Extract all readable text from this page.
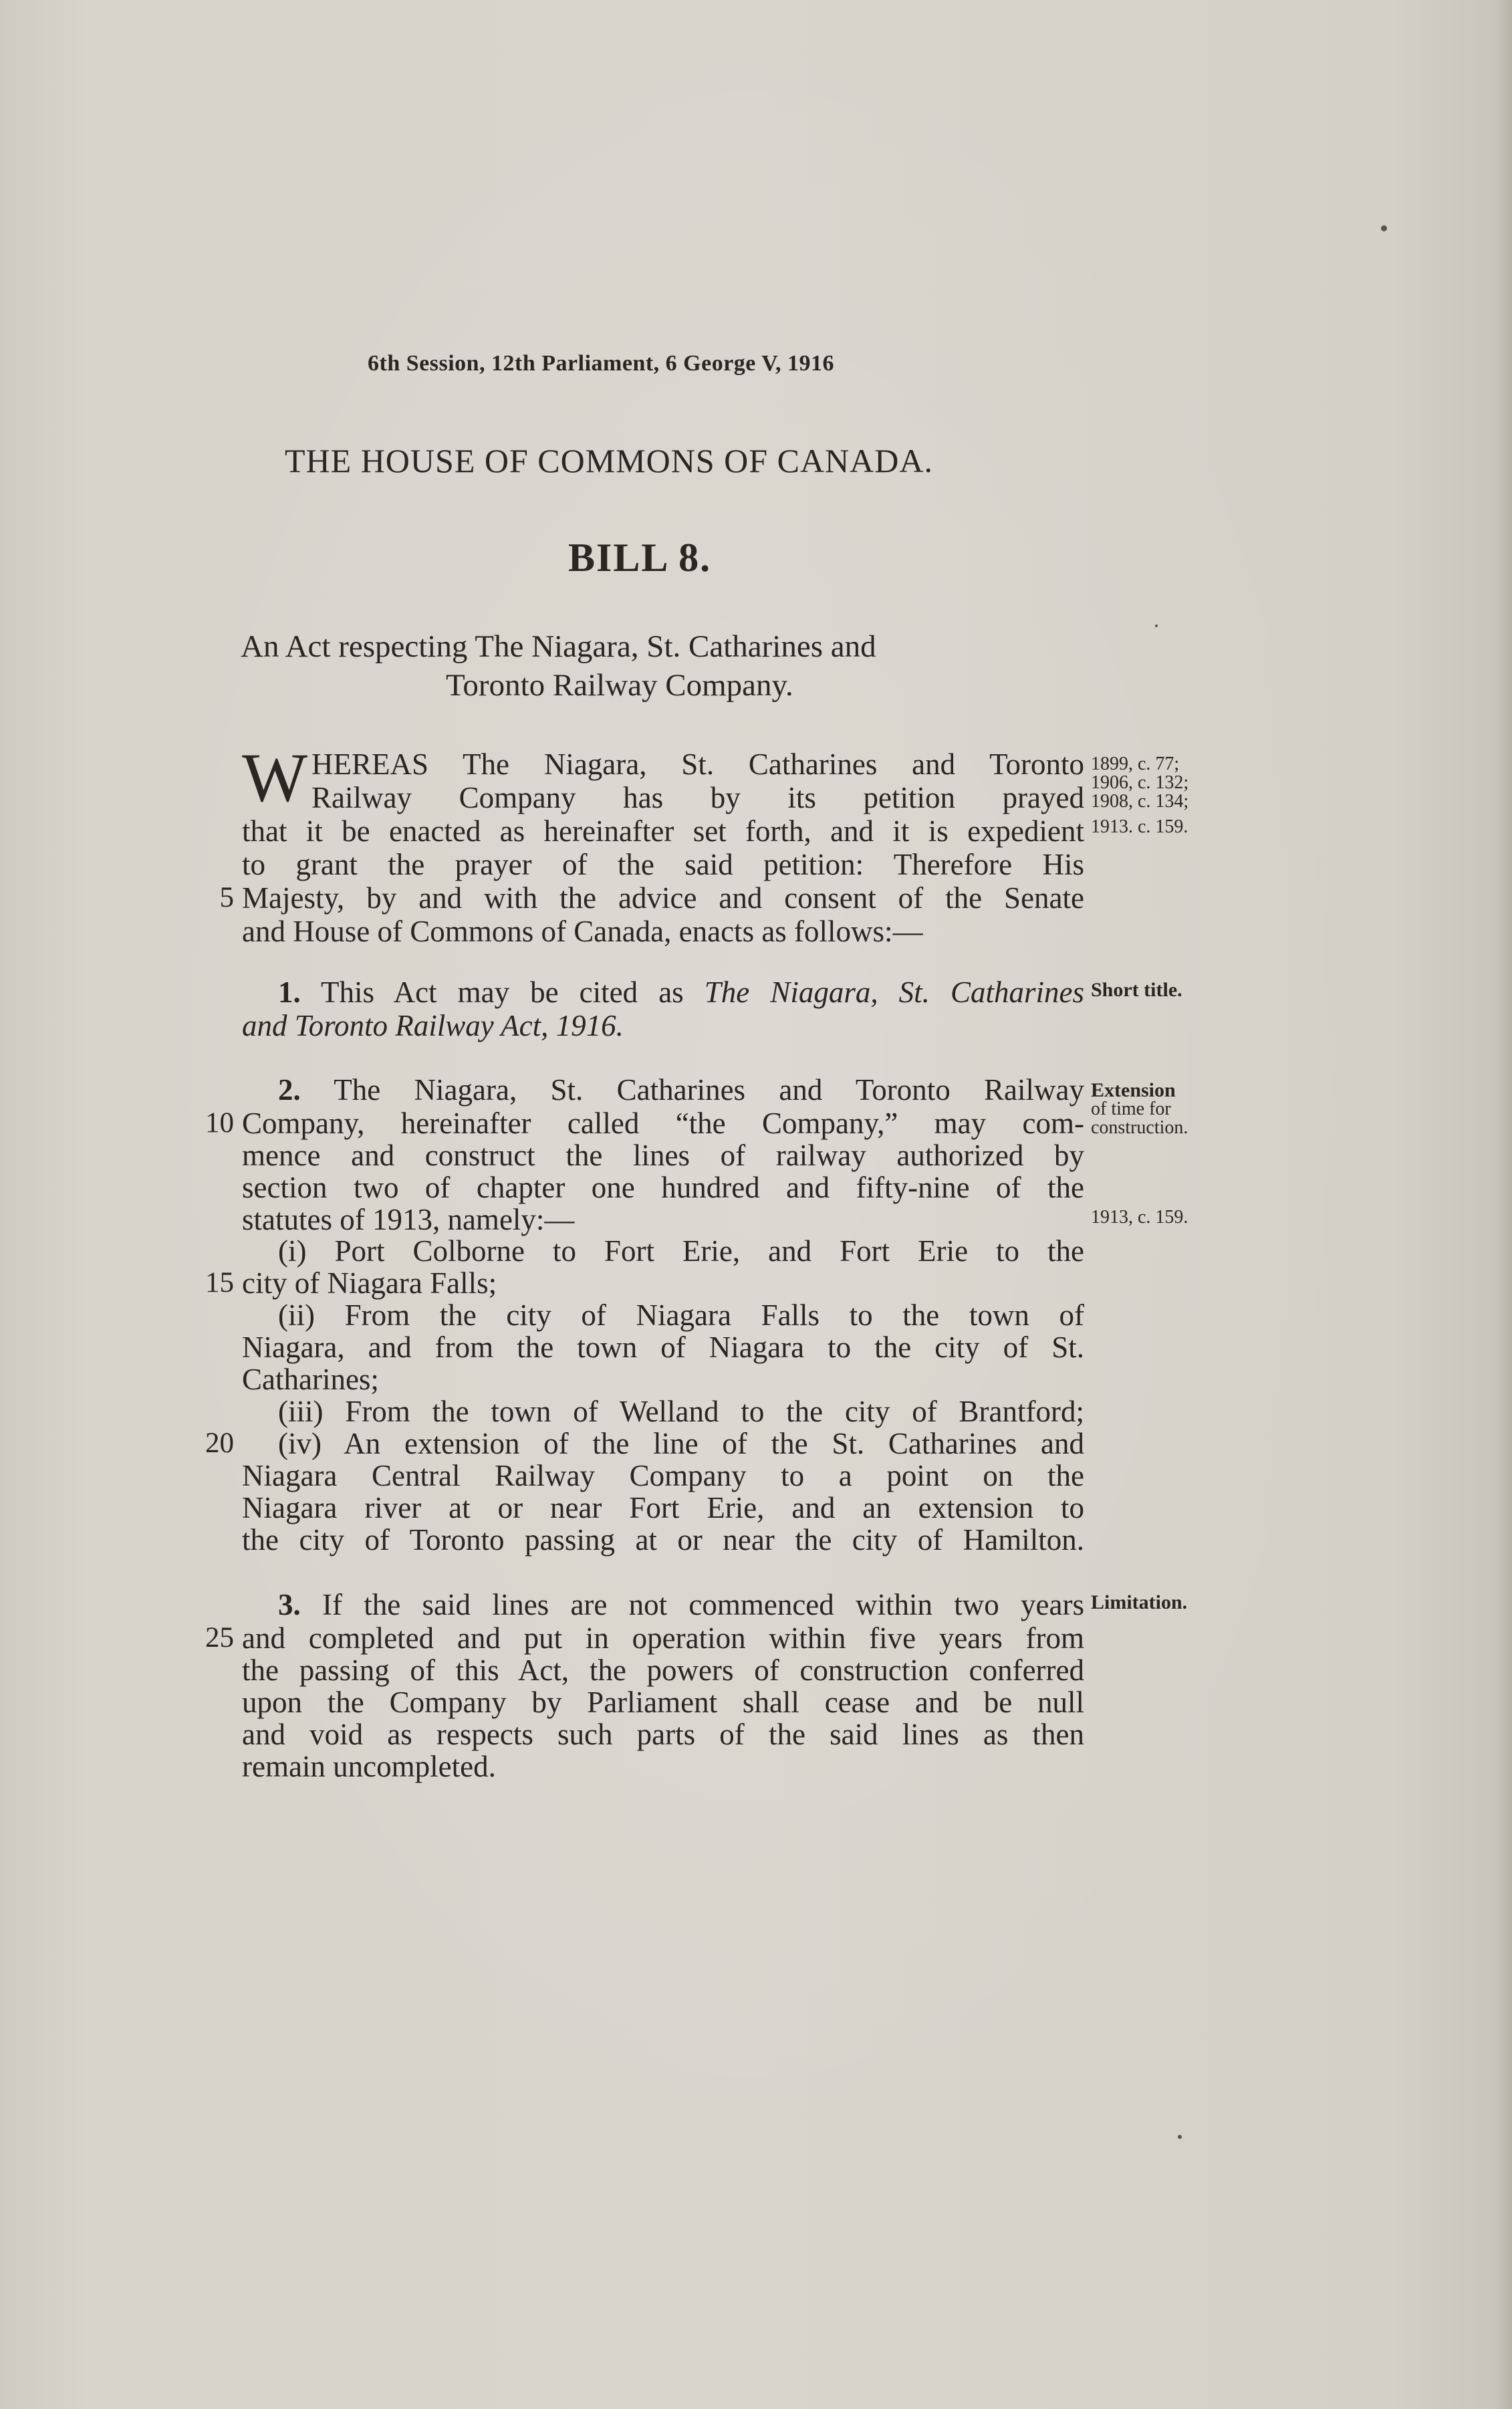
6th Session, 12th Parliament, 6 George V, 1916
THE HOUSE OF COMMONS OF CANADA.
BILL 8.
An Act respecting The Niagara, St. Catharines and
Toronto Railway Company.
W HEREAS The Niagara, St. Catharines and Toronto
Railway Company has by its petition prayed
that it be enacted as hereinafter set forth, and it is expedient
to grant the prayer of the said petition: Therefore His
Majesty, by and with the advice and consent of the Senate
and House of Commons of Canada, enacts as follows:—
1. This Act may be cited as The Niagara, St. Catharines
and Toronto Railway Act, 1916.
2. The Niagara, St. Catharines and Toronto Railway
Company, hereinafter called “the Company,” may com-
mence and construct the lines of railway authorized by
section two of chapter one hundred and fifty-nine of the
statutes of 1913, namely:—
(i) Port Colborne to Fort Erie, and Fort Erie to the
city of Niagara Falls;
(ii) From the city of Niagara Falls to the town of
Niagara, and from the town of Niagara to the city of St.
Catharines;
(iii) From the town of Welland to the city of Brantford;
(iv) An extension of the line of the St. Catharines and
Niagara Central Railway Company to a point on the
Niagara river at or near Fort Erie, and an extension to
the city of Toronto passing at or near the city of Hamilton.
3. If the said lines are not commenced within two years
and completed and put in operation within five years from
the passing of this Act, the powers of construction conferred
upon the Company by Parliament shall cease and be null
and void as respects such parts of the said lines as then
remain uncompleted.
5
10
15
20
25
1899, c. 77;
1906, c. 132;
1908, c. 134;
1913. c. 159.
Short title.
Extension
of time for
construction.
1913, c. 159.
Limitation.
